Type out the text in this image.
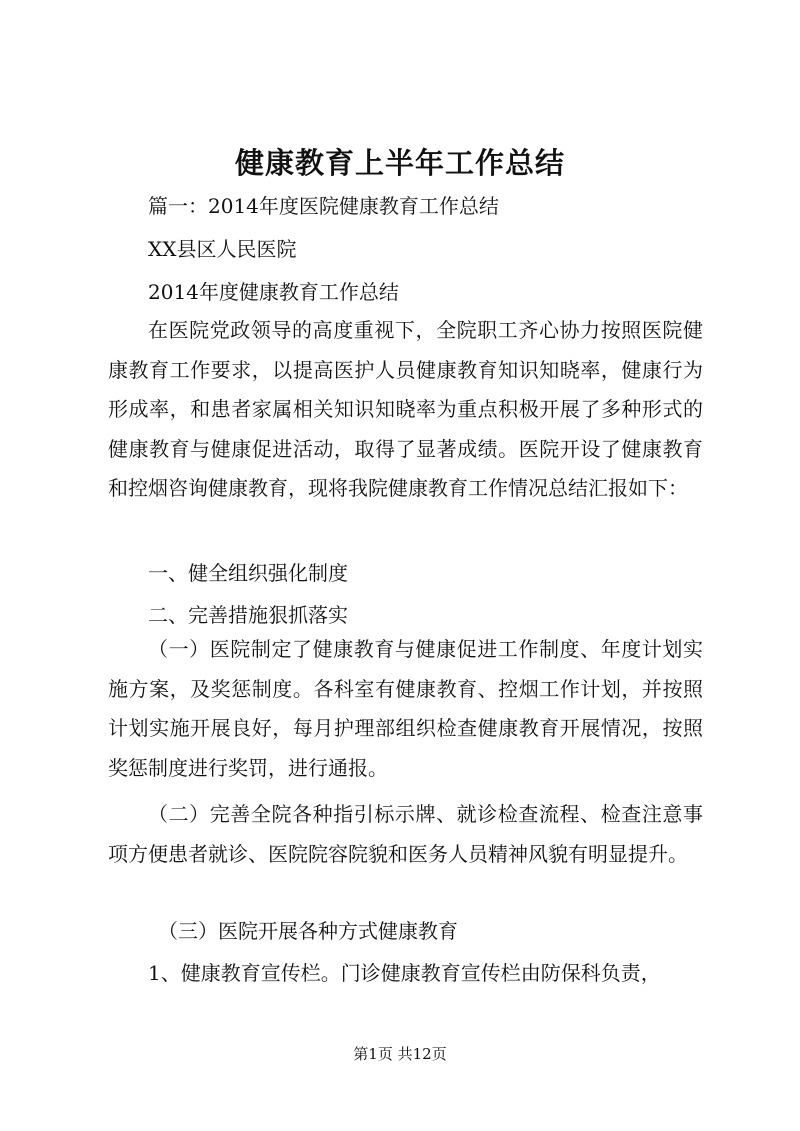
健康教育上半年工作总结
篇一：2014年度医院健康教育工作总结
XX县区人民医院
2014年度健康教育工作总结
在医院党政领导的高度重视下，全院职工齐心协力按照医院健康教育工作要求，以提高医护人员健康教育知识知晓率，健康行为形成率，和患者家属相关知识知晓率为重点积极开展了多种形式的健康教育与健康促进活动，取得了显著成绩。医院开设了健康教育和控烟咨询健康教育，现将我院健康教育工作情况总结汇报如下：
一、健全组织强化制度
二、完善措施狠抓落实
（一）医院制定了健康教育与健康促进工作制度、年度计划实施方案，及奖惩制度。各科室有健康教育、控烟工作计划，并按照计划实施开展良好，每月护理部组织检查健康教育开展情况，按照奖惩制度进行奖罚，进行通报。
（二）完善全院各种指引标示牌、就诊检查流程、检查注意事项方便患者就诊、医院院容院貌和医务人员精神风貌有明显提升。
（三）医院开展各种方式健康教育
1、健康教育宣传栏。门诊健康教育宣传栏由防保科负责，
第1页 共12页
